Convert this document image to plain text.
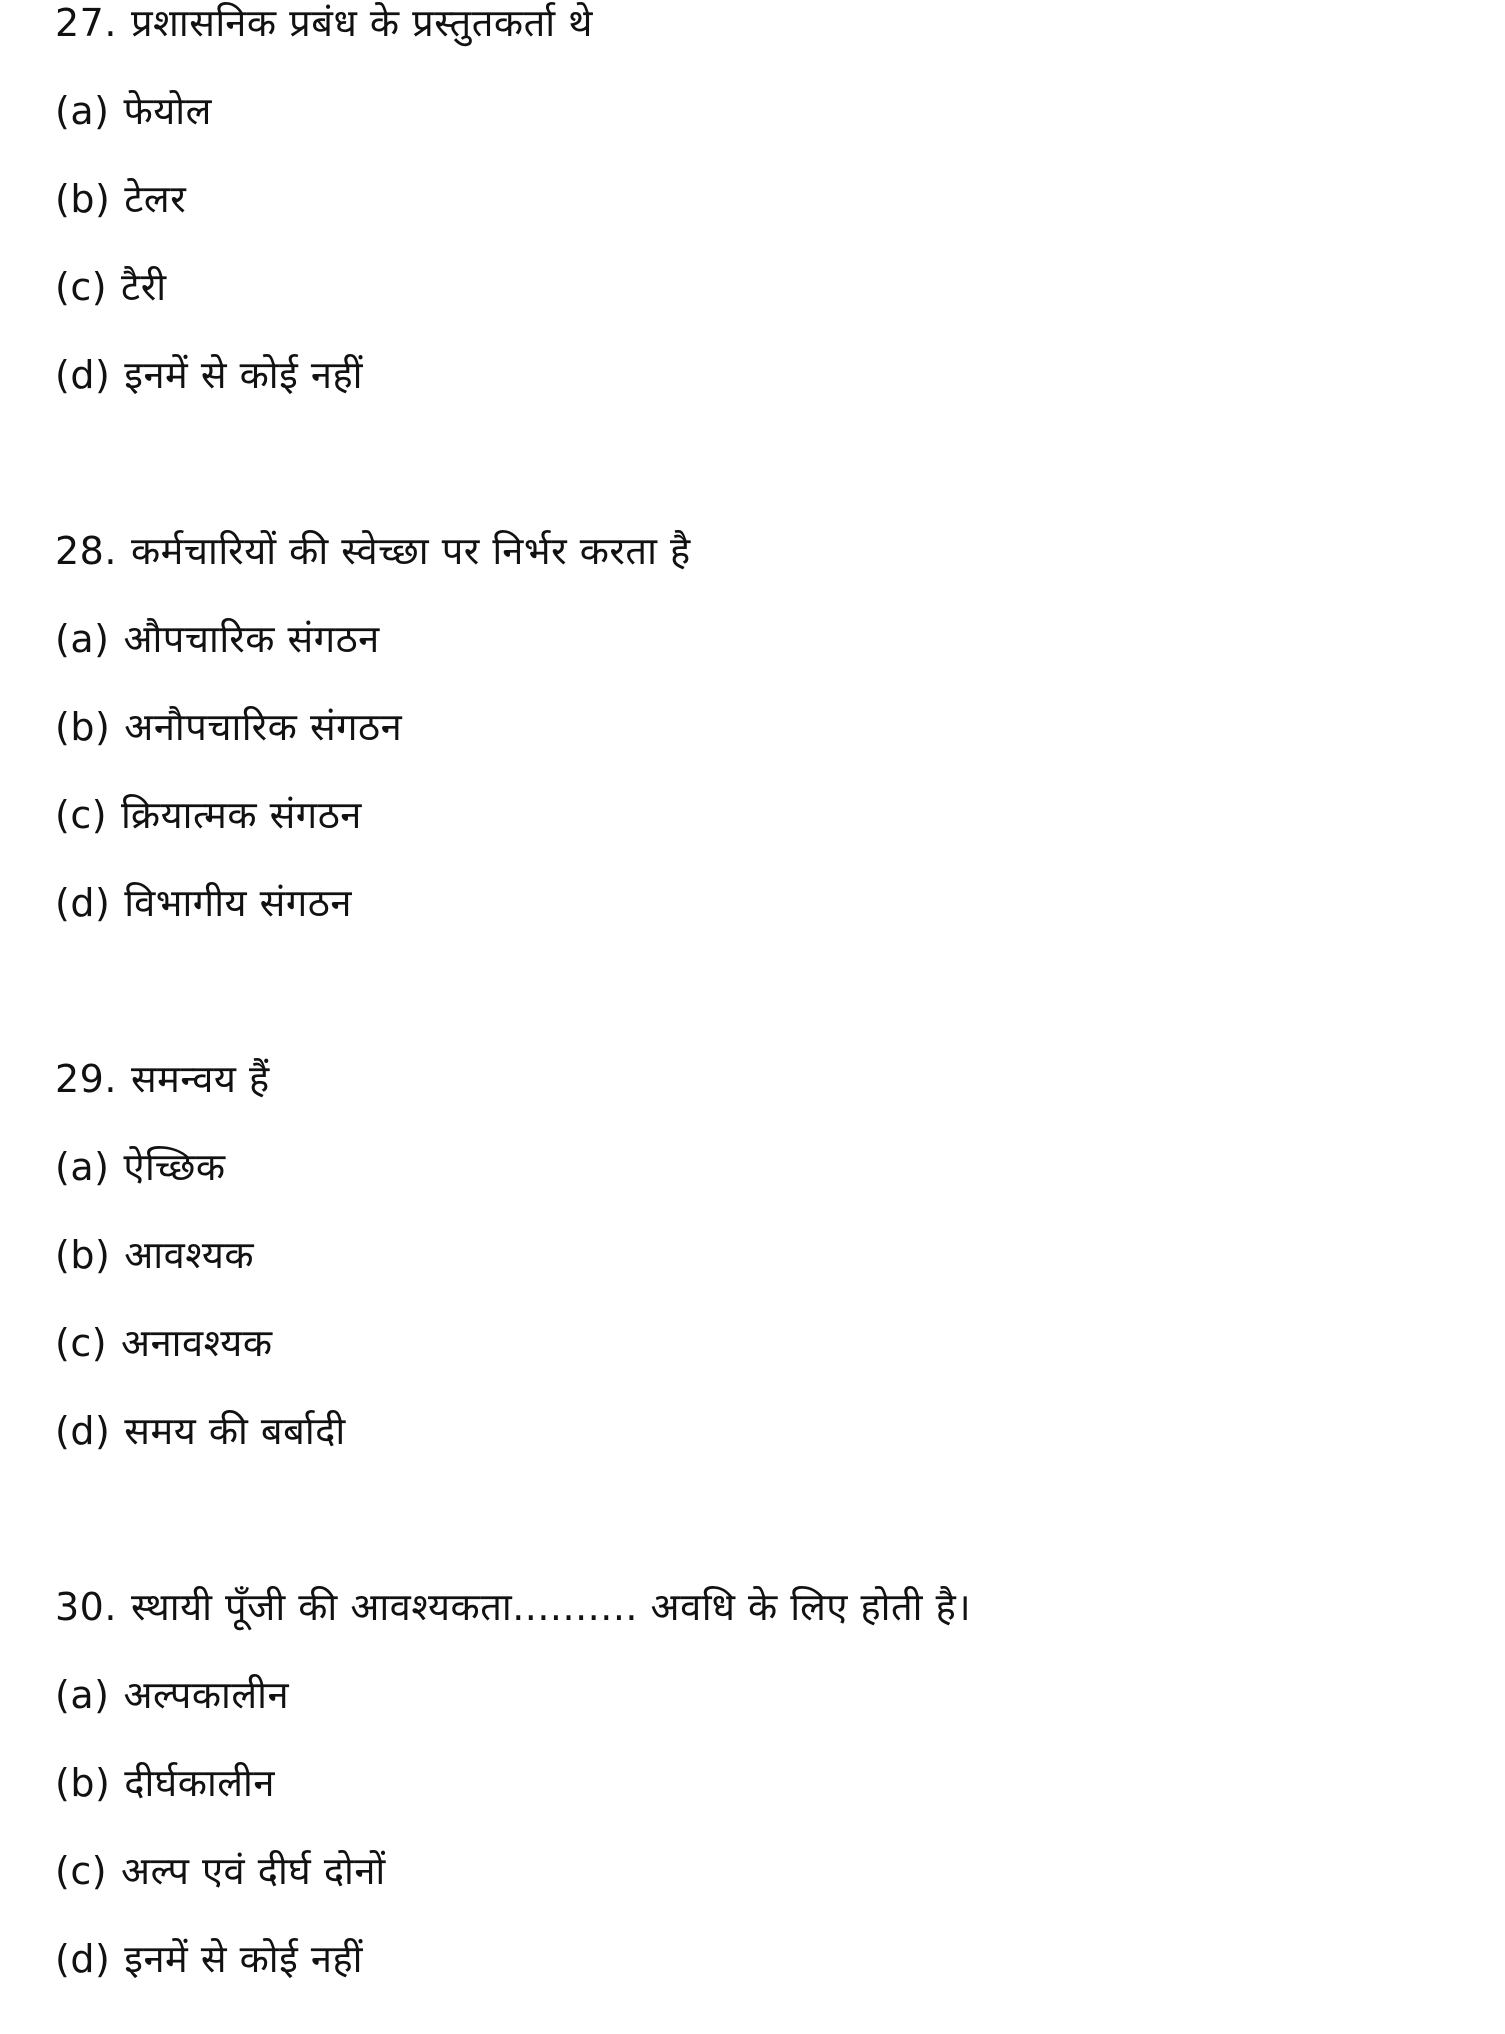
27. प्रशासनिक प्रबंध के प्रस्तुतकर्ता थे
(a) फेयोल
(b) टेलर
(c) टैरी
(d) इनमें से कोई नहीं
28. कर्मचारियों की स्वेच्छा पर निर्भर करता है
(a) औपचारिक संगठन
(b) अनौपचारिक संगठन
(c) क्रियात्मक संगठन
(d) विभागीय संगठन
29. समन्वय हैं
(a) ऐच्छिक
(b) आवश्यक
(c) अनावश्यक
(d) समय की बर्बादी
30. स्थायी पूँजी की आवश्यकता.......... अवधि के लिए होती है।
(a) अल्पकालीन
(b) दीर्घकालीन
(c) अल्प एवं दीर्घ दोनों
(d) इनमें से कोई नहीं
